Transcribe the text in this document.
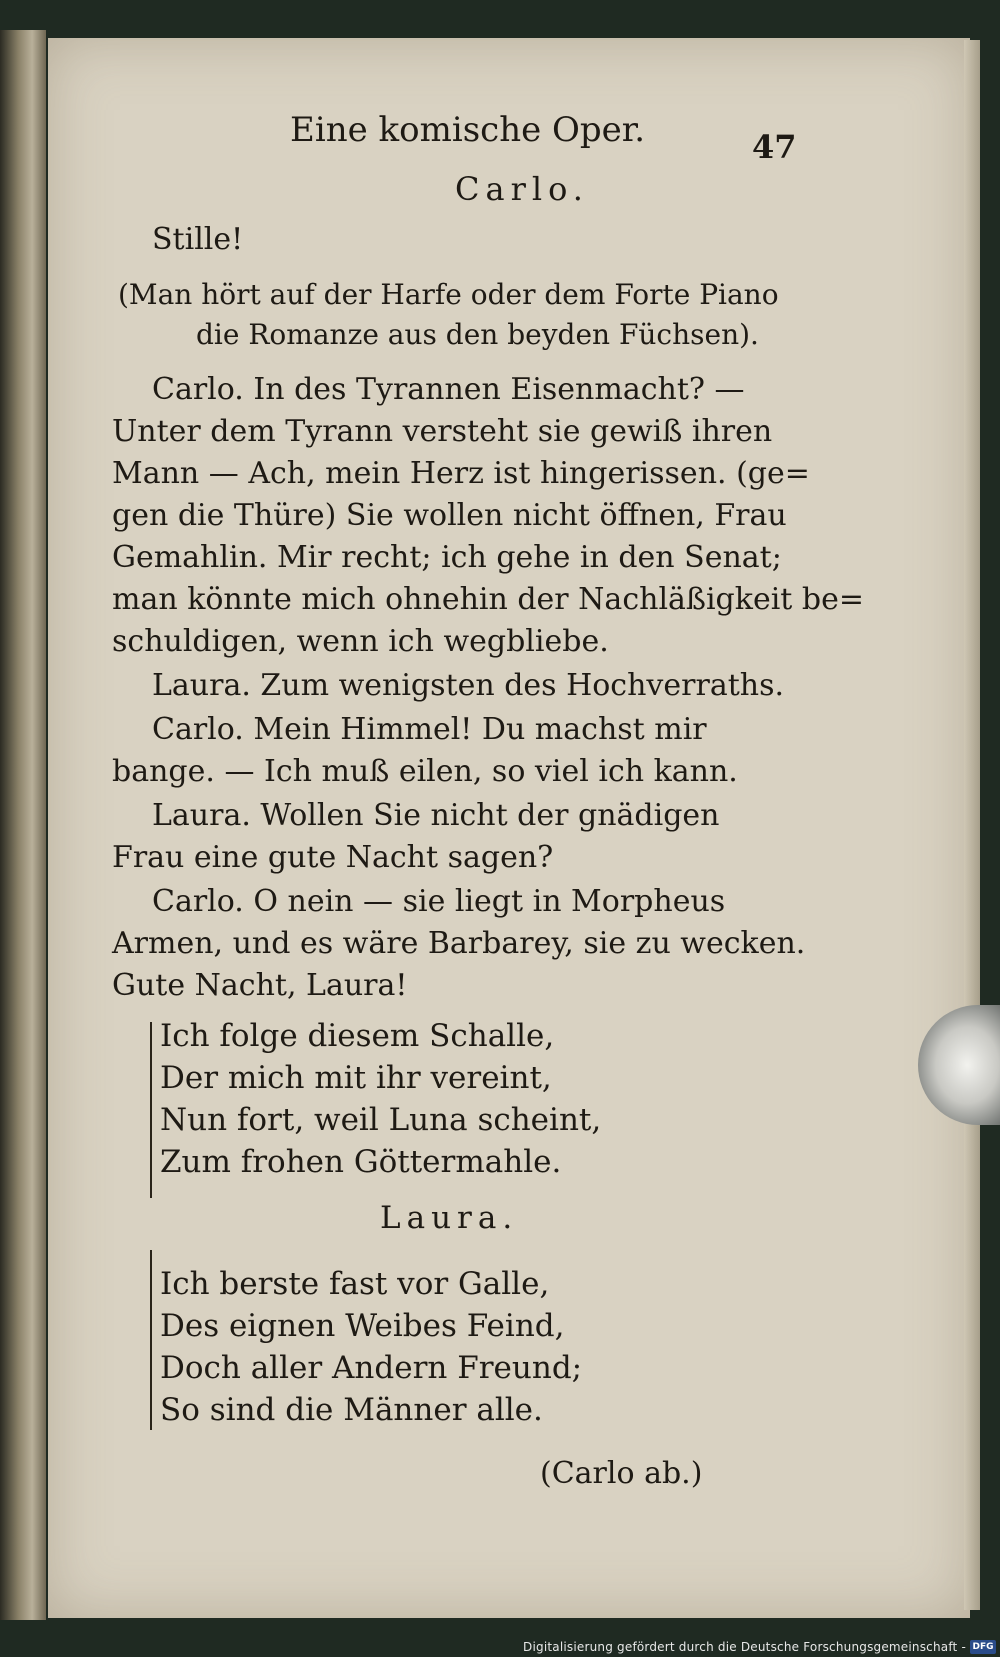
Eine komische Oper.	47
Carlo.
Stille!
(Man hört auf der Harfe oder dem Forte Piano
die Romanze aus den beyden Füchsen).
Carlo. In des Tyrannen Eisenmacht? —
Unter dem Tyrann versteht sie gewiß ihren
Mann — Ach, mein Herz ist hingerissen. (ge=
gen die Thüre) Sie wollen nicht öffnen, Frau
Gemahlin. Mir recht; ich gehe in den Senat;
man könnte mich ohnehin der Nachläßigkeit be=
schuldigen, wenn ich wegbliebe.
Laura. Zum wenigsten des Hochverraths.
Carlo. Mein Himmel! Du machst mir
bange. — Ich muß eilen, so viel ich kann.
Laura. Wollen Sie nicht der gnädigen
Frau eine gute Nacht sagen?
Carlo. O nein — sie liegt in Morpheus
Armen, und es wäre Barbarey, sie zu wecken.
Gute Nacht, Laura!
Ich folge diesem Schalle,
Der mich mit ihr vereint,
Nun fort, weil Luna scheint,
Zum frohen Göttermahle.
Laura.
Ich berste fast vor Galle,
Des eignen Weibes Feind,
Doch aller Andern Freund;
So sind die Männer alle.
(Carlo ab.)
Digitalisierung gefördert durch die Deutsche Forschungsgemeinschaft - DFG
